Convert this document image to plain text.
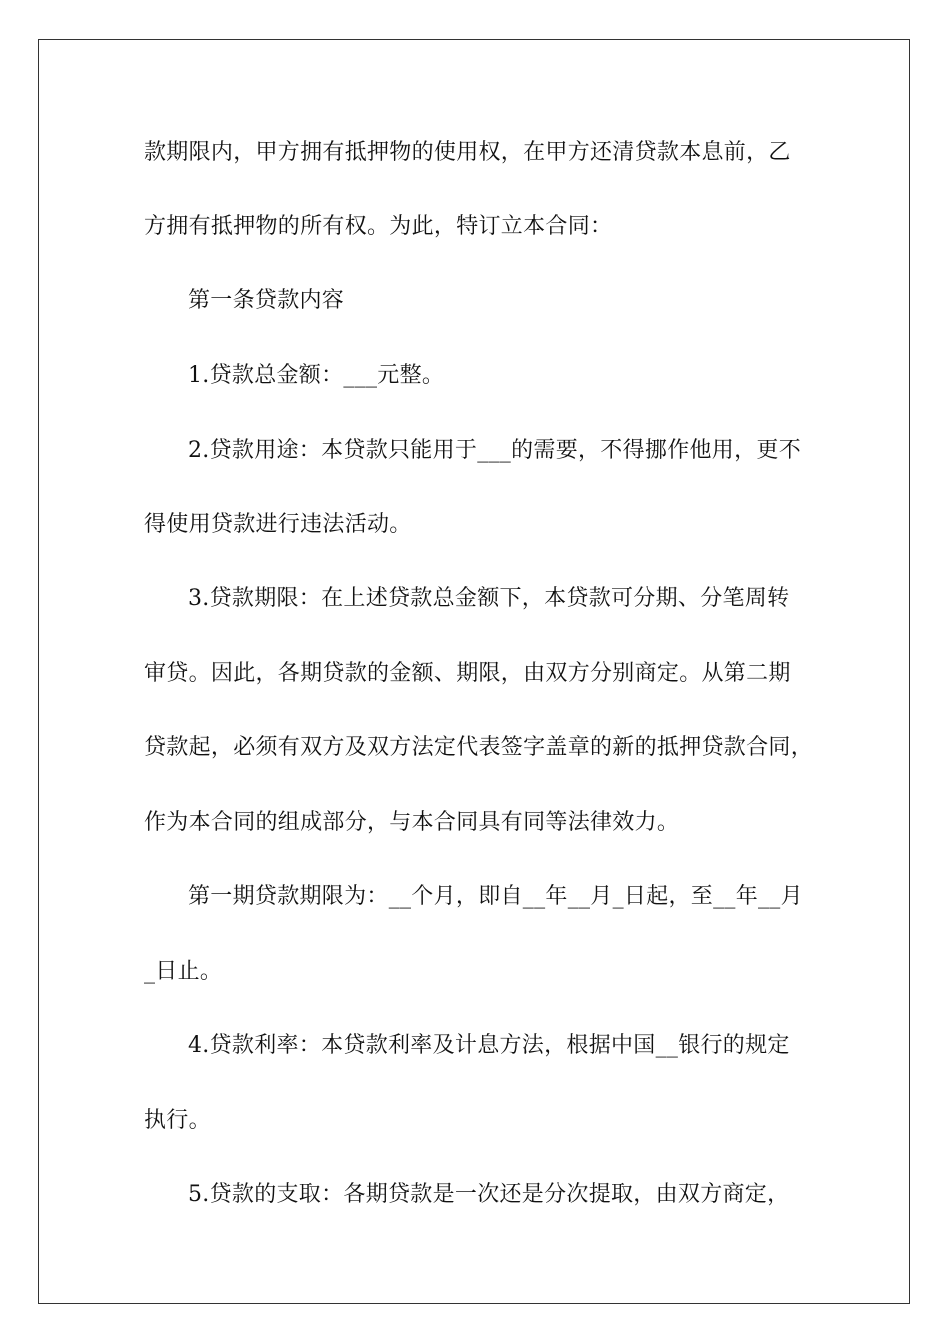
款期限内，甲方拥有抵押物的使用权，在甲方还清贷款本息前，乙
方拥有抵押物的所有权。为此，特订立本合同：
第一条贷款内容
1.贷款总金额：___元整。
2.贷款用途：本贷款只能用于___的需要，不得挪作他用，更不
得使用贷款进行违法活动。
3.贷款期限：在上述贷款总金额下，本贷款可分期、分笔周转
审贷。因此，各期贷款的金额、期限，由双方分别商定。从第二期
贷款起，必须有双方及双方法定代表签字盖章的新的抵押贷款合同，
作为本合同的组成部分，与本合同具有同等法律效力。
第一期贷款期限为：__个月，即自__年__月_日起，至__年__月
_日止。
4.贷款利率：本贷款利率及计息方法，根据中国__银行的规定
执行。
5.贷款的支取：各期贷款是一次还是分次提取，由双方商定，
